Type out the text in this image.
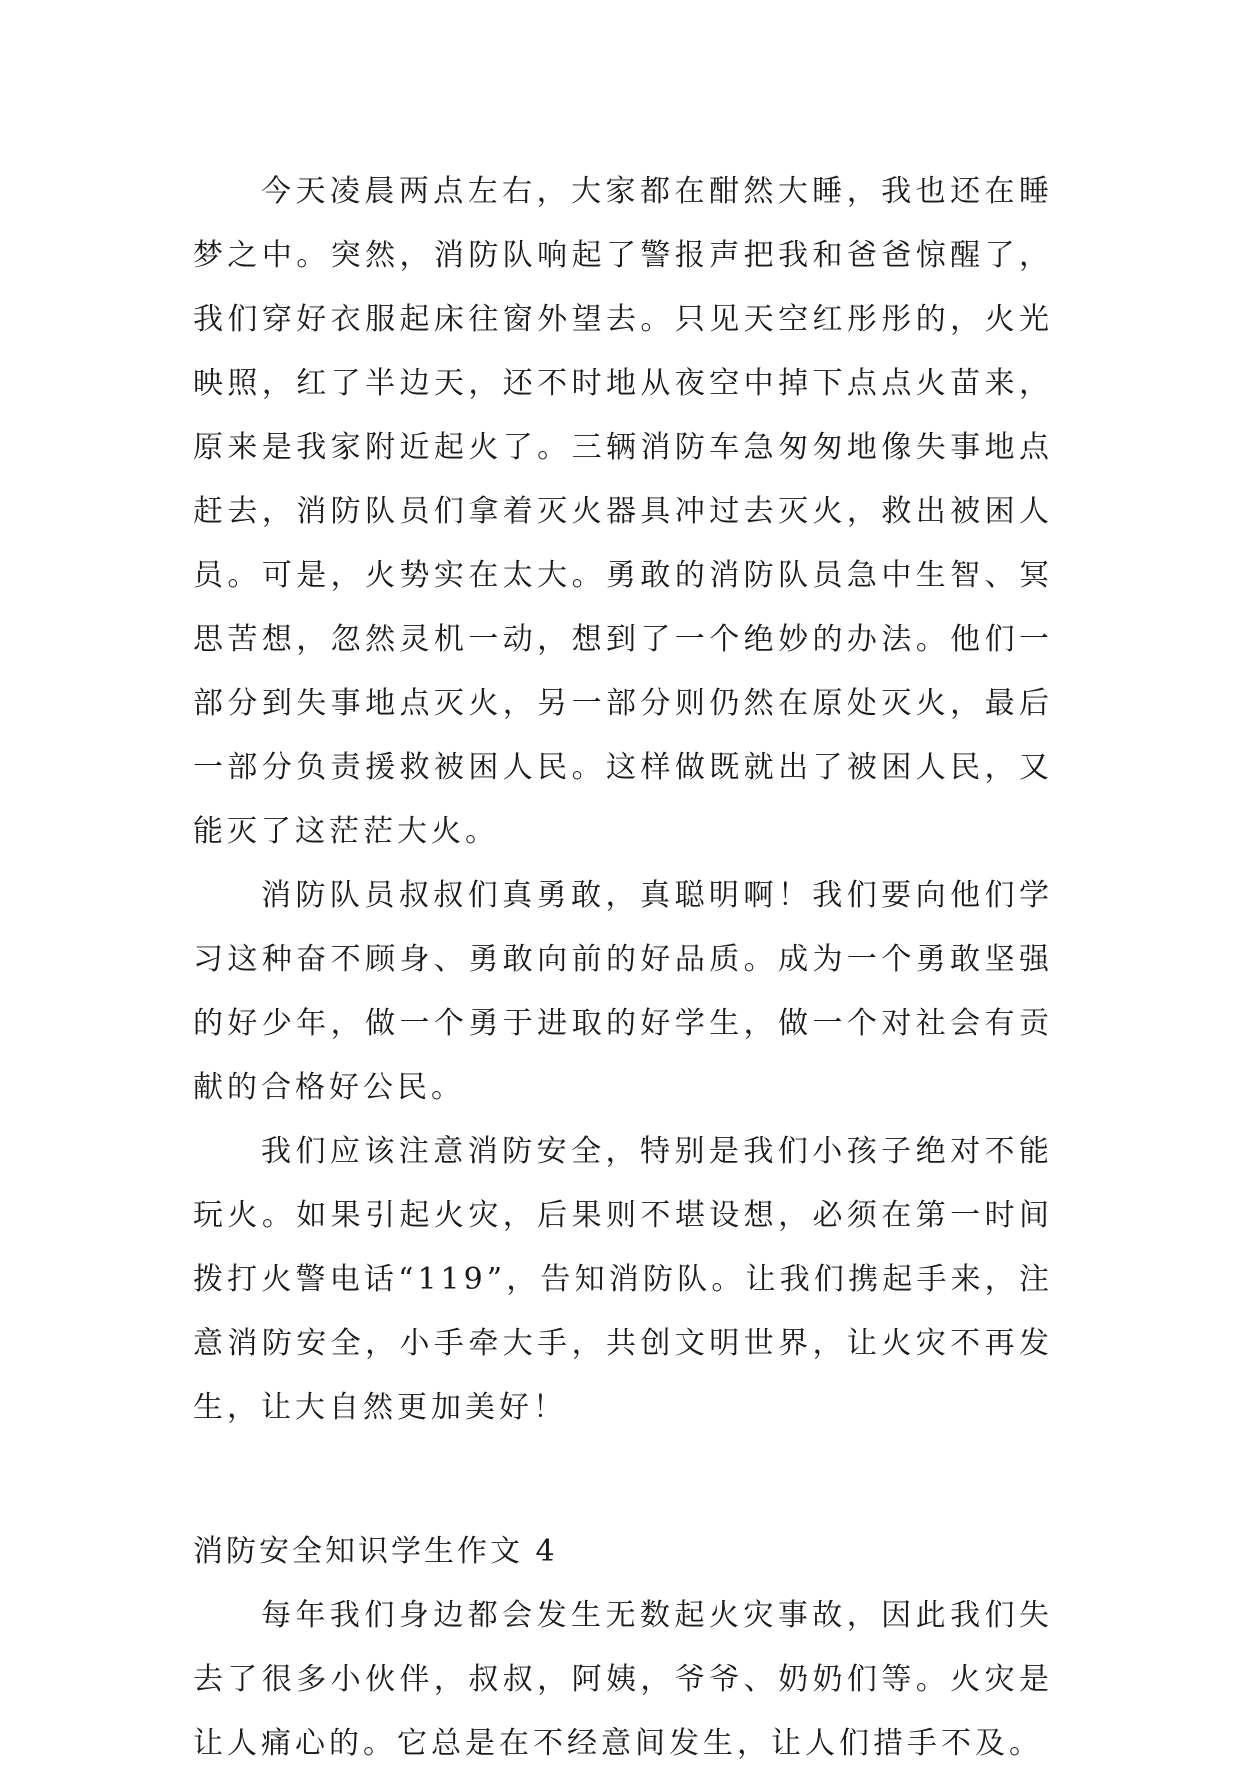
今天凌晨两点左右，大家都在酣然大睡，我也还在睡梦之中。突然，消防队响起了警报声把我和爸爸惊醒了，我们穿好衣服起床往窗外望去。只见天空红彤彤的，火光映照，红了半边天，还不时地从夜空中掉下点点火苗来，原来是我家附近起火了。三辆消防车急匆匆地像失事地点赶去，消防队员们拿着灭火器具冲过去灭火，救出被困人员。可是，火势实在太大。勇敢的消防队员急中生智、冥思苦想，忽然灵机一动，想到了一个绝妙的办法。他们一部分到失事地点灭火，另一部分则仍然在原处灭火，最后一部分负责援救被困人民。这样做既就出了被困人民，又能灭了这茫茫大火。

消防队员叔叔们真勇敢，真聪明啊！我们要向他们学习这种奋不顾身、勇敢向前的好品质。成为一个勇敢坚强的好少年，做一个勇于进取的好学生，做一个对社会有贡献的合格好公民。

我们应该注意消防安全，特别是我们小孩子绝对不能玩火。如果引起火灾，后果则不堪设想，必须在第一时间拨打火警电话“119”，告知消防队。让我们携起手来，注意消防安全，小手牵大手，共创文明世界，让火灾不再发生，让大自然更加美好！

消防安全知识学生作文 4

每年我们身边都会发生无数起火灾事故，因此我们失去了很多小伙伴，叔叔，阿姨，爷爷、奶奶们等。火灾是让人痛心的。它总是在不经意间发生，让人们措手不及。
